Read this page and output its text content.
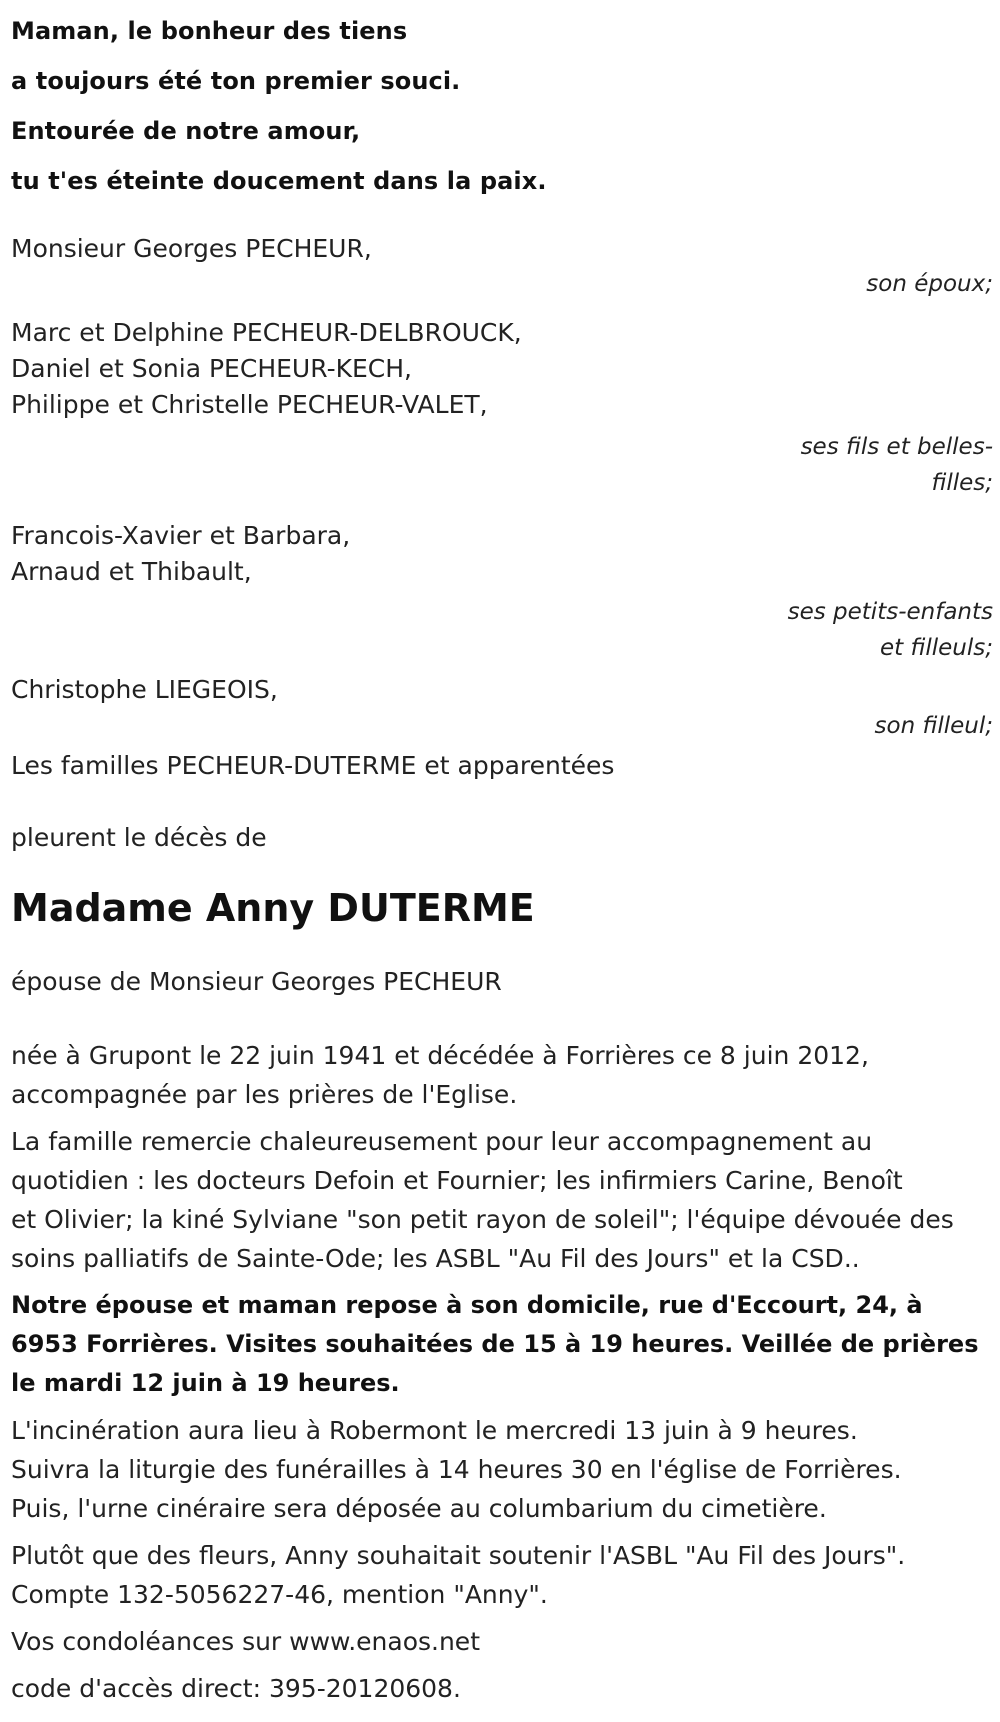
Maman, le bonheur des tiens
a toujours été ton premier souci.
Entourée de notre amour,
tu t'es éteinte doucement dans la paix.
Monsieur Georges PECHEUR,
son époux;
Marc et Delphine PECHEUR-DELBROUCK,
Daniel et Sonia PECHEUR-KECH,
Philippe et Christelle PECHEUR-VALET,
ses fils et belles-
filles;
Francois-Xavier et Barbara,
Arnaud et Thibault,
ses petits-enfants
et filleuls;
Christophe LIEGEOIS,
son filleul;
Les familles PECHEUR-DUTERME et apparentées
pleurent le décès de
Madame Anny DUTERME
épouse de Monsieur Georges PECHEUR
née à Grupont le 22 juin 1941 et décédée à Forrières ce 8 juin 2012,
accompagnée par les prières de l'Eglise.
La famille remercie chaleureusement pour leur accompagnement au
quotidien : les docteurs Defoin et Fournier; les infirmiers Carine, Benoît
et Olivier; la kiné Sylviane "son petit rayon de soleil"; l'équipe dévouée des
soins palliatifs de Sainte-Ode; les ASBL "Au Fil des Jours" et la CSD..
Notre épouse et maman repose à son domicile, rue d'Eccourt, 24, à
6953 Forrières. Visites souhaitées de 15 à 19 heures. Veillée de prières
le mardi 12 juin à 19 heures.
L'incinération aura lieu à Robermont le mercredi 13 juin à 9 heures.
Suivra la liturgie des funérailles à 14 heures 30 en l'église de Forrières.
Puis, l'urne cinéraire sera déposée au columbarium du cimetière.
Plutôt que des fleurs, Anny souhaitait soutenir l'ASBL "Au Fil des Jours".
Compte 132-5056227-46, mention "Anny".
Vos condoléances sur www.enaos.net
code d'accès direct: 395-20120608.
